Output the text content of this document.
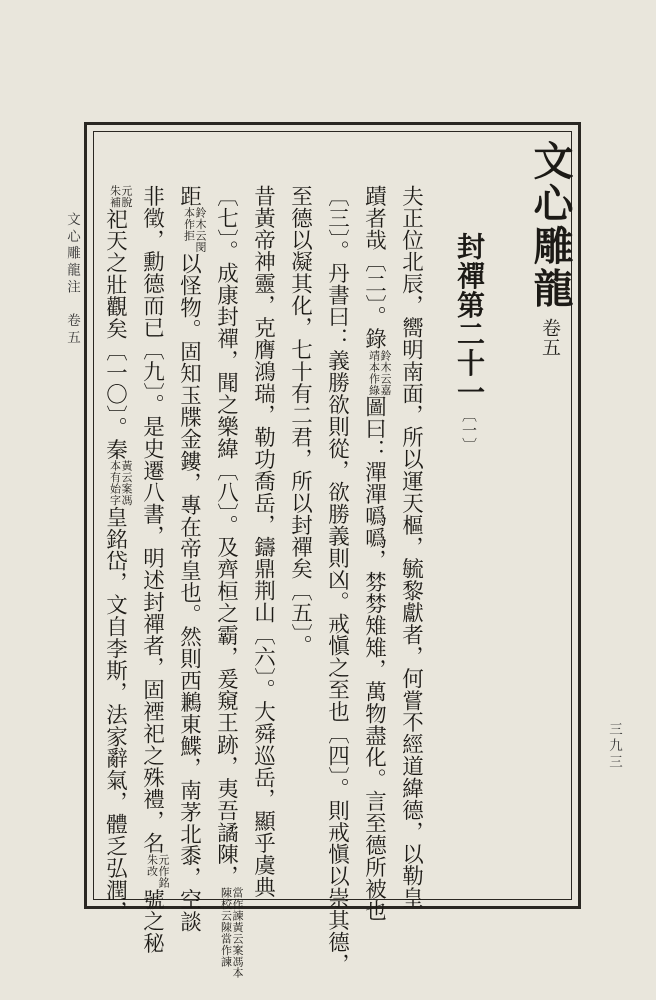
文心雕龍注　卷五
三九三
文心雕龍卷五
封禪第二十一〔一〕
夫正位北辰，嚮明南面，所以運天樞，毓黎獻者，何嘗不經道緯德，以勒皇
蹟者哉〔二〕。錄
鈴木云嘉
靖本作綠
圖曰：潬潬噅噅，棼棼雉雉，萬物盡化。言至德所被也
〔三〕。丹書曰：義勝欲則從，欲勝義則凶。戒愼之至也〔四〕。則戒愼以崇其德，
至德以凝其化，七十有二君，所以封禪矣〔五〕。
昔黃帝神靈，克膺鴻瑞，勒功喬岳，鑄鼎荆山〔六〕。大舜巡岳，顯乎虞典
〔七〕。成康封禪，聞之樂緯〔八〕。及齊桓之霸，爰窺王跡，夷吾譎陳，
當作諫黃云案馮本
陳校云陳當作諫
距
鈴木云閔
本作拒
以怪物。固知玉牒金鏤，專在帝皇也。然則西鶼東鰈，南茅北黍，空談
非徵，勳德而已〔九〕。是史遷八書，明述封禪者，固禋祀之殊禮，名
元作銘
朱改
號之秘
元脫
朱補
祀天之壯觀矣〔一〇〕。秦
黃云案馮
本有始字
皇銘岱，文自李斯，法家辭氣，體乏弘潤，
